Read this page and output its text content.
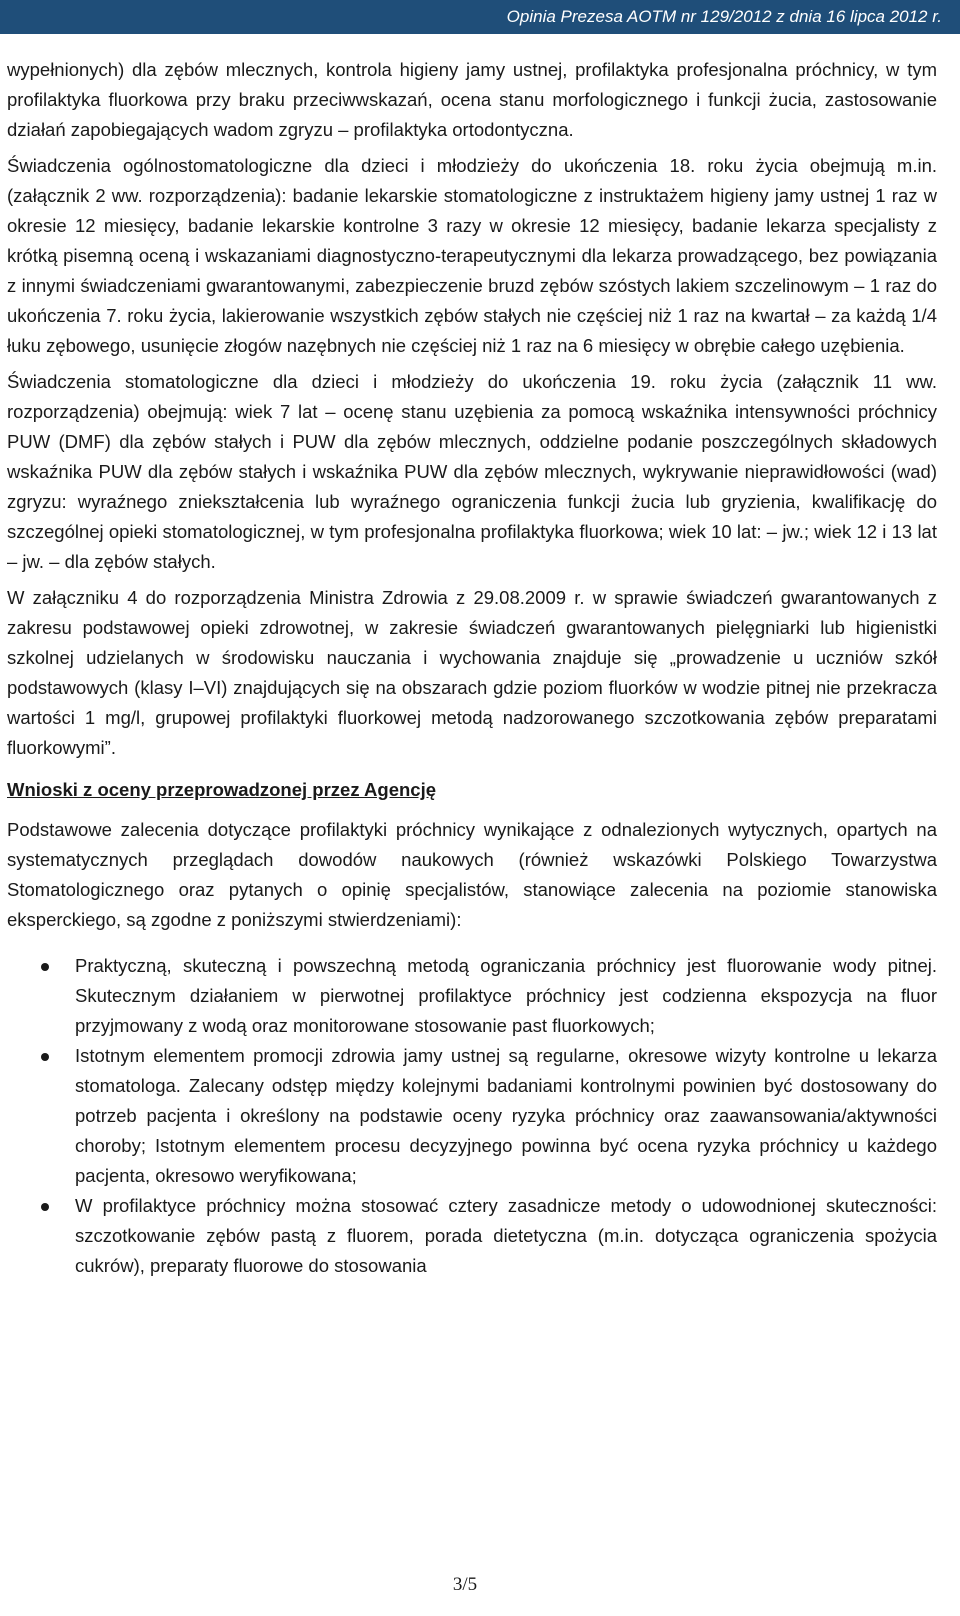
Opinia Prezesa AOTM nr 129/2012 z dnia 16 lipca 2012 r.

wypełnionych) dla zębów mlecznych, kontrola higieny jamy ustnej, profilaktyka profesjonalna próchnicy, w tym profilaktyka fluorkowa przy braku przeciwwskazań, ocena stanu morfologicznego i funkcji żucia, zastosowanie działań zapobiegających wadom zgryzu – profilaktyka ortodontyczna.

Świadczenia ogólnostomatologiczne dla dzieci i młodzieży do ukończenia 18. roku życia obejmują m.in. (załącznik 2 ww. rozporządzenia): badanie lekarskie stomatologiczne z instruktażem higieny jamy ustnej 1 raz w okresie 12 miesięcy, badanie lekarskie kontrolne 3 razy w okresie 12 miesięcy, badanie lekarza specjalisty z krótką pisemną oceną i wskazaniami diagnostyczno-terapeutycznymi dla lekarza prowadzącego, bez powiązania z innymi świadczeniami gwarantowanymi, zabezpieczenie bruzd zębów szóstych lakiem szczelinowym – 1 raz do ukończenia 7. roku życia, lakierowanie wszystkich zębów stałych nie częściej niż 1 raz na kwartał – za każdą 1/4 łuku zębowego, usunięcie złogów nazębnych nie częściej niż 1 raz na 6 miesięcy w obrębie całego uzębienia.

Świadczenia stomatologiczne dla dzieci i młodzieży do ukończenia 19. roku życia (załącznik 11 ww. rozporządzenia) obejmują: wiek 7 lat – ocenę stanu uzębienia za pomocą wskaźnika intensywności próchnicy PUW (DMF) dla zębów stałych i PUW dla zębów mlecznych, oddzielne podanie poszczególnych składowych wskaźnika PUW dla zębów stałych i wskaźnika PUW dla zębów mlecznych, wykrywanie nieprawidłowości (wad) zgryzu: wyraźnego zniekształcenia lub wyraźnego ograniczenia funkcji żucia lub gryzienia, kwalifikację do szczególnej opieki stomatologicznej, w tym profesjonalna profilaktyka fluorkowa; wiek 10 lat: – jw.; wiek 12 i 13 lat – jw. – dla zębów stałych.

W załączniku 4 do rozporządzenia Ministra Zdrowia z 29.08.2009 r. w sprawie świadczeń gwarantowanych z zakresu podstawowej opieki zdrowotnej, w zakresie świadczeń gwarantowanych pielęgniarki lub higienistki szkolnej udzielanych w środowisku nauczania i wychowania znajduje się „prowadzenie u uczniów szkół podstawowych (klasy I–VI) znajdujących się na obszarach gdzie poziom fluorków w wodzie pitnej nie przekracza wartości 1 mg/l, grupowej profilaktyki fluorkowej metodą nadzorowanego szczotkowania zębów preparatami fluorkowymi”.

Wnioski z oceny przeprowadzonej przez Agencję

Podstawowe zalecenia dotyczące profilaktyki próchnicy wynikające z odnalezionych wytycznych, opartych na systematycznych przeglądach dowodów naukowych (również wskazówki Polskiego Towarzystwa Stomatologicznego oraz pytanych o opinię specjalistów, stanowiące zalecenia na poziomie stanowiska eksperckiego, są zgodne z poniższymi stwierdzeniami):

Praktyczną, skuteczną i powszechną metodą ograniczania próchnicy jest fluorowanie wody pitnej. Skutecznym działaniem w pierwotnej profilaktyce próchnicy jest codzienna ekspozycja na fluor przyjmowany z wodą oraz monitorowane stosowanie past fluorkowych;
Istotnym elementem promocji zdrowia jamy ustnej są regularne, okresowe wizyty kontrolne u lekarza stomatologa. Zalecany odstęp między kolejnymi badaniami kontrolnymi powinien być dostosowany do potrzeb pacjenta i określony na podstawie oceny ryzyka próchnicy oraz zaawansowania/aktywności choroby; Istotnym elementem procesu decyzyjnego powinna być ocena ryzyka próchnicy u każdego pacjenta, okresowo weryfikowana;
W profilaktyce próchnicy można stosować cztery zasadnicze metody o udowodnionej skuteczności: szczotkowanie zębów pastą z fluorem, porada dietetyczna (m.in. dotycząca ograniczenia spożycia cukrów), preparaty fluorowe do stosowania
3/5
